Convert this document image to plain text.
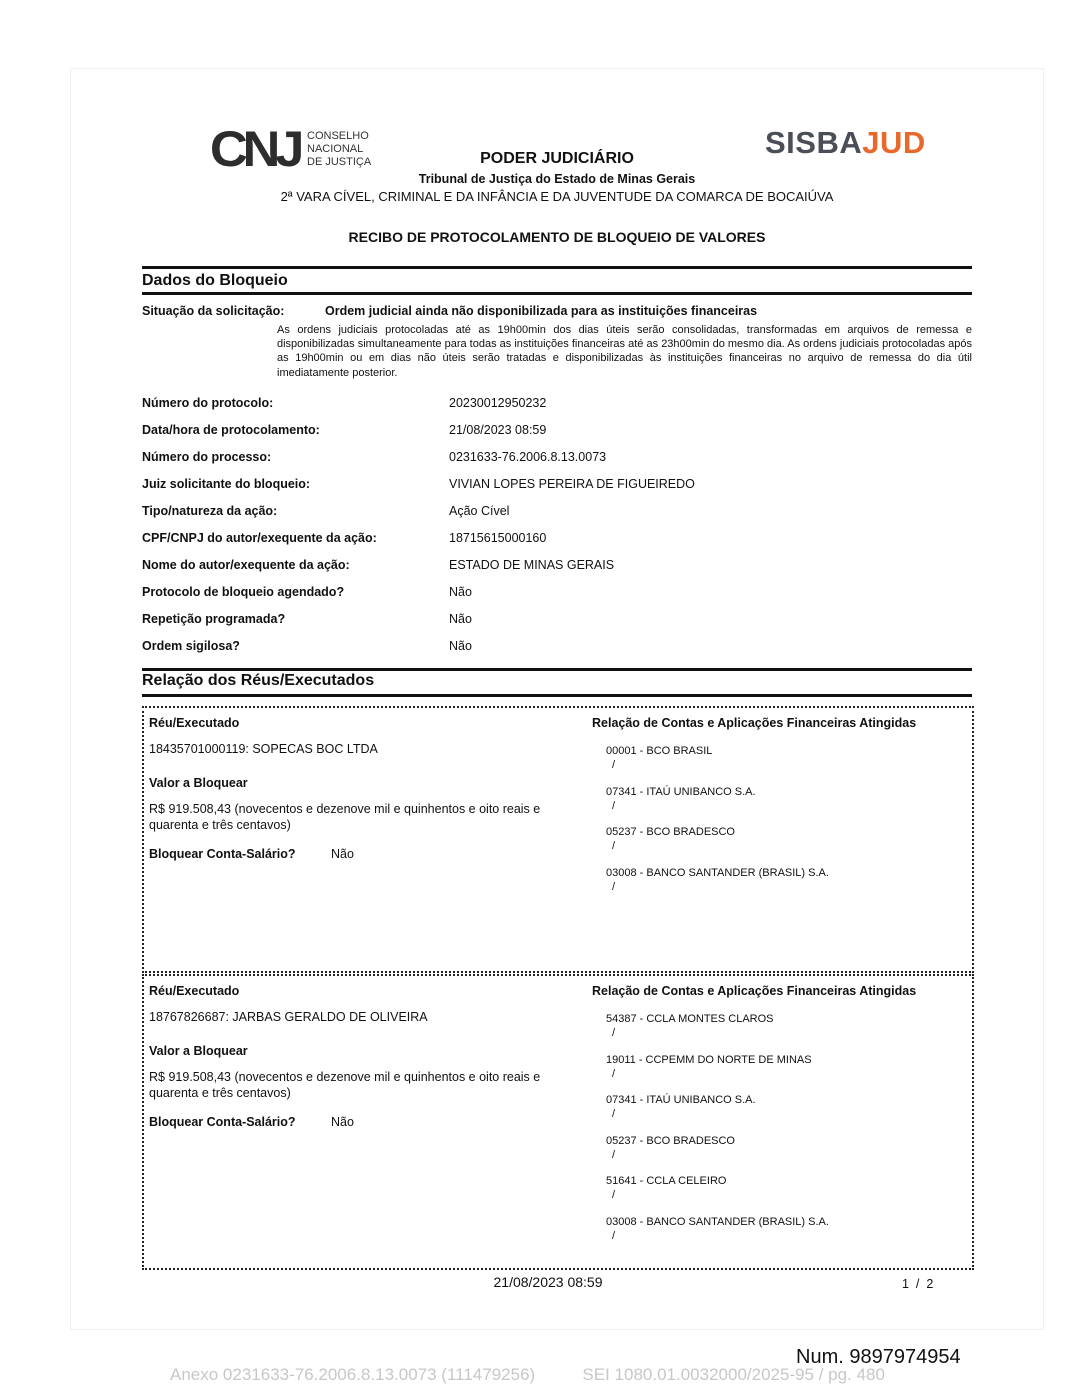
CNJ CONSELHO
NACIONAL
DE JUSTIÇA
SISBAJUD
PODER JUDICIÁRIO
Tribunal de Justiça do Estado de Minas Gerais
2ª VARA CÍVEL, CRIMINAL E DA INFÂNCIA E DA JUVENTUDE DA COMARCA DE BOCAIÚVA
RECIBO DE PROTOCOLAMENTO DE BLOQUEIO DE VALORES
Dados do Bloqueio
Situação da solicitação:	Ordem judicial ainda não disponibilizada para as instituições financeiras
As ordens judiciais protocoladas até as 19h00min dos dias úteis serão consolidadas, transformadas em arquivos de remessa e disponibilizadas simultaneamente para todas as instituições financeiras até as 23h00min do mesmo dia. As ordens judiciais protocoladas após as 19h00min ou em dias não úteis serão tratadas e disponibilizadas às instituições financeiras no arquivo de remessa do dia útil imediatamente posterior.
Número do protocolo:	20230012950232
Data/hora de protocolamento:	21/08/2023 08:59
Número do processo:	0231633-76.2006.8.13.0073
Juiz solicitante do bloqueio:	VIVIAN LOPES PEREIRA DE FIGUEIREDO
Tipo/natureza da ação:	Ação Cível
CPF/CNPJ do autor/exequente da ação:	18715615000160
Nome do autor/exequente da ação:	ESTADO DE MINAS GERAIS
Protocolo de bloqueio agendado?	Não
Repetição programada?	Não
Ordem sigilosa?	Não
Relação dos Réus/Executados
Réu/Executado
18435701000119: SOPECAS BOC LTDA
Valor a Bloquear
R$ 919.508,43 (novecentos e dezenove mil e quinhentos e oito reais e quarenta e três centavos)
Bloquear Conta-Salário?	Não
Relação de Contas e Aplicações Financeiras Atingidas
00001 - BCO BRASIL
/
07341 - ITAÚ UNIBANCO S.A.
/
05237 - BCO BRADESCO
/
03008 - BANCO SANTANDER (BRASIL) S.A.
/
Réu/Executado
18767826687: JARBAS GERALDO DE OLIVEIRA
Valor a Bloquear
R$ 919.508,43 (novecentos e dezenove mil e quinhentos e oito reais e quarenta e três centavos)
Bloquear Conta-Salário?	Não
Relação de Contas e Aplicações Financeiras Atingidas
54387 - CCLA MONTES CLAROS
/
19011 - CCPEMM DO NORTE DE MINAS
/
07341 - ITAÚ UNIBANCO S.A.
/
05237 - BCO BRADESCO
/
51641 - CCLA CELEIRO
/
03008 - BANCO SANTANDER (BRASIL) S.A.
/
21/08/2023 08:59	1  /  2
Num. 9897974954
Anexo 0231633-76.2006.8.13.0073 (111479256)          SEI 1080.01.0032000/2025-95 / pg. 480
